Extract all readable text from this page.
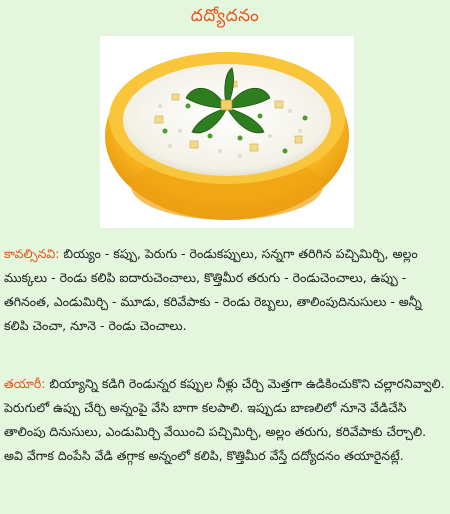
దద్యోదనం
కావల్సినవి: బియ్యం - కప్పు, పెరుగు - రెండుకప్పులు, సన్నగా తరిగిన పచ్చిమిర్చి, అల్లం ముక్కలు - రెండు కలిపి ఐదారుచెంచాలు, కొత్తిమీర తరుగు - రెండుచెంచాలు, ఉప్పు - తగినంత, ఎండుమిర్చి - మూడు, కరివేపాకు - రెండు రెబ్బలు, తాలింపుదినుసులు - అన్నీ కలిపి చెంచా, నూనె - రెండు చెంచాలు.
తయారీ: బియ్యాన్ని కడిగి రెండున్నర కప్పుల నీళ్లు చేర్చి మెత్తగా ఉడికించుకొని చల్లారనివ్వాలి. పెరుగులో ఉప్పు చేర్చి అన్నంపై వేసి బాగా కలపాలి. ఇప్పుడు బాణలిలో నూనె వేడిచేసి తాలింపు దినుసులు, ఎండుమిర్చి వేయించి పచ్చిమిర్చి, అల్లం తరుగు, కరివేపాకు చేర్చాలి. అవి వేగాక దింపేసి వేడి తగ్గాక అన్నంలో కలిపి, కొత్తిమీర వేస్తే దద్యోదనం తయారైనట్లే.
